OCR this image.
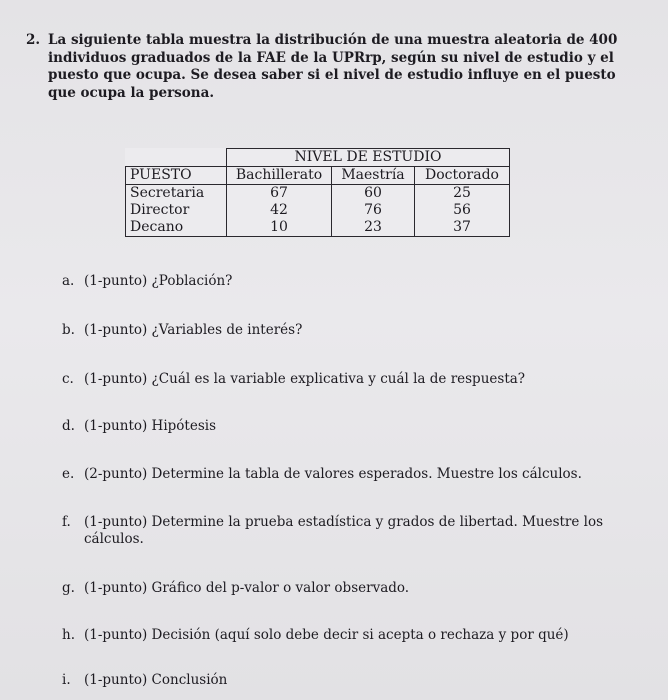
2. La siguiente tabla muestra la distribución de una muestra aleatoria de 400 individuos graduados de la FAE de la UPRrp, según su nivel de estudio y el puesto que ocupa. Se desea saber si el nivel de estudio influye en el puesto que ocupa la persona.
	NIVEL DE ESTUDIO		
PUESTO	Bachillerato	Maestría	Doctorado
Secretaria	67	60	25
Director	42	76	56
Decano	10	23	37
a. (1-punto) ¿Población?
b. (1-punto) ¿Variables de interés?
c. (1-punto) ¿Cuál es la variable explicativa y cuál la de respuesta?
d. (1-punto) Hipótesis
e. (2-punto) Determine la tabla de valores esperados. Muestre los cálculos.
f. (1-punto) Determine la prueba estadística y grados de libertad. Muestre los cálculos.
g. (1-punto) Gráfico del p-valor o valor observado.
h. (1-punto) Decisión (aquí solo debe decir si acepta o rechaza y por qué)
i. (1-punto) Conclusión
